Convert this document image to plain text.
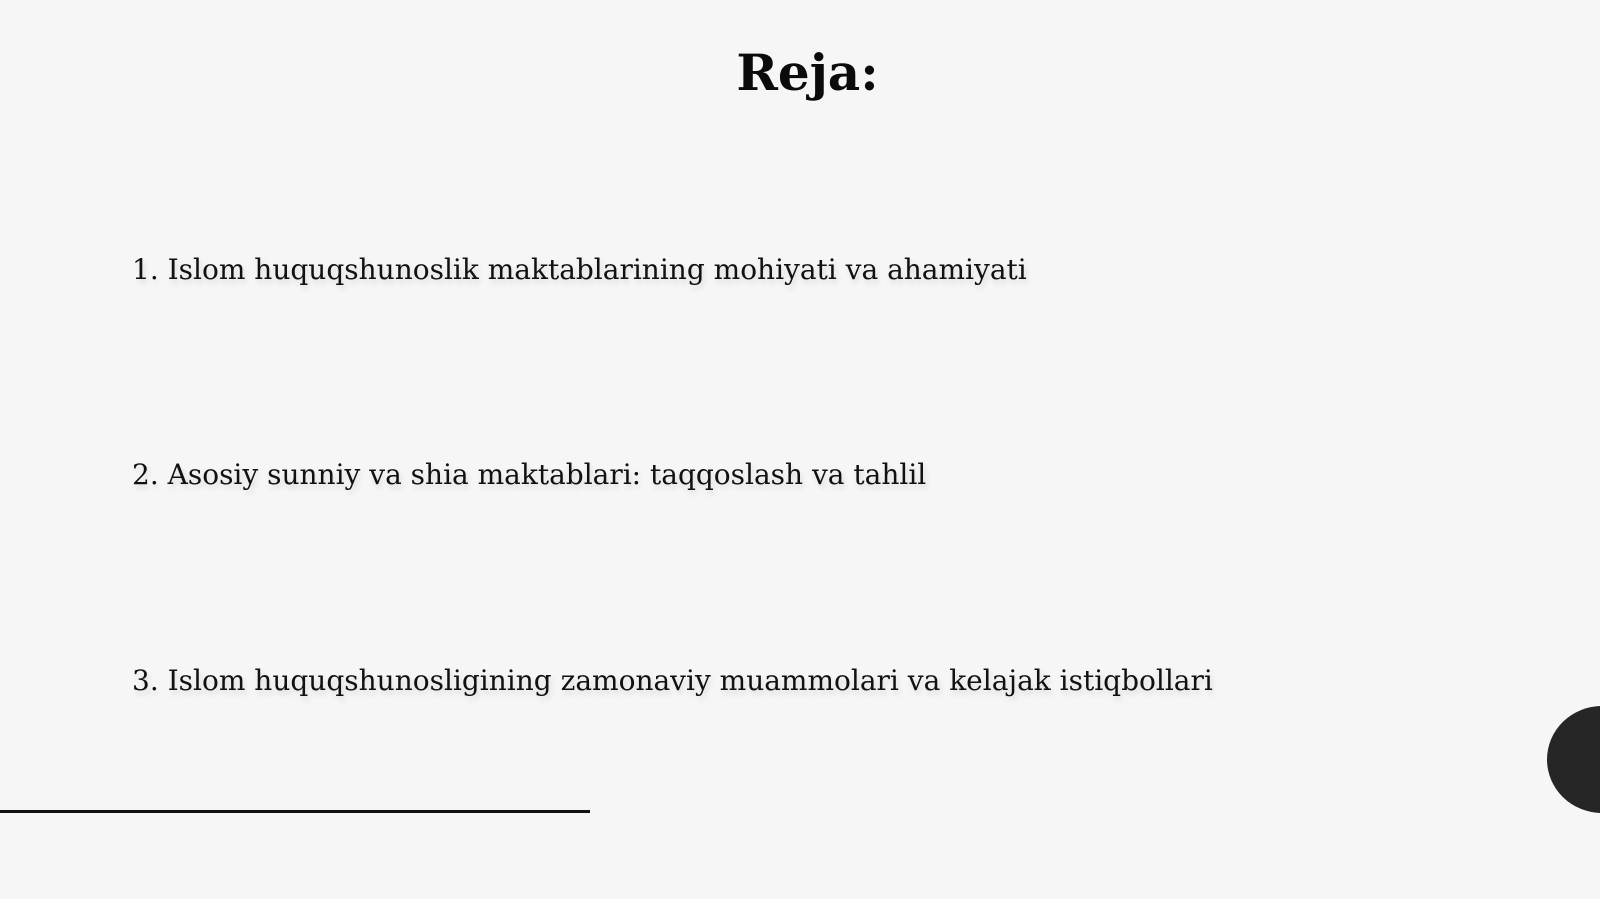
Reja:
1. Islom huquqshunoslik maktablarining mohiyati va ahamiyati
2. Asosiy sunniy va shia maktablari: taqqoslash va tahlil
3. Islom huquqshunosligining zamonaviy muammolari va kelajak istiqbollari
